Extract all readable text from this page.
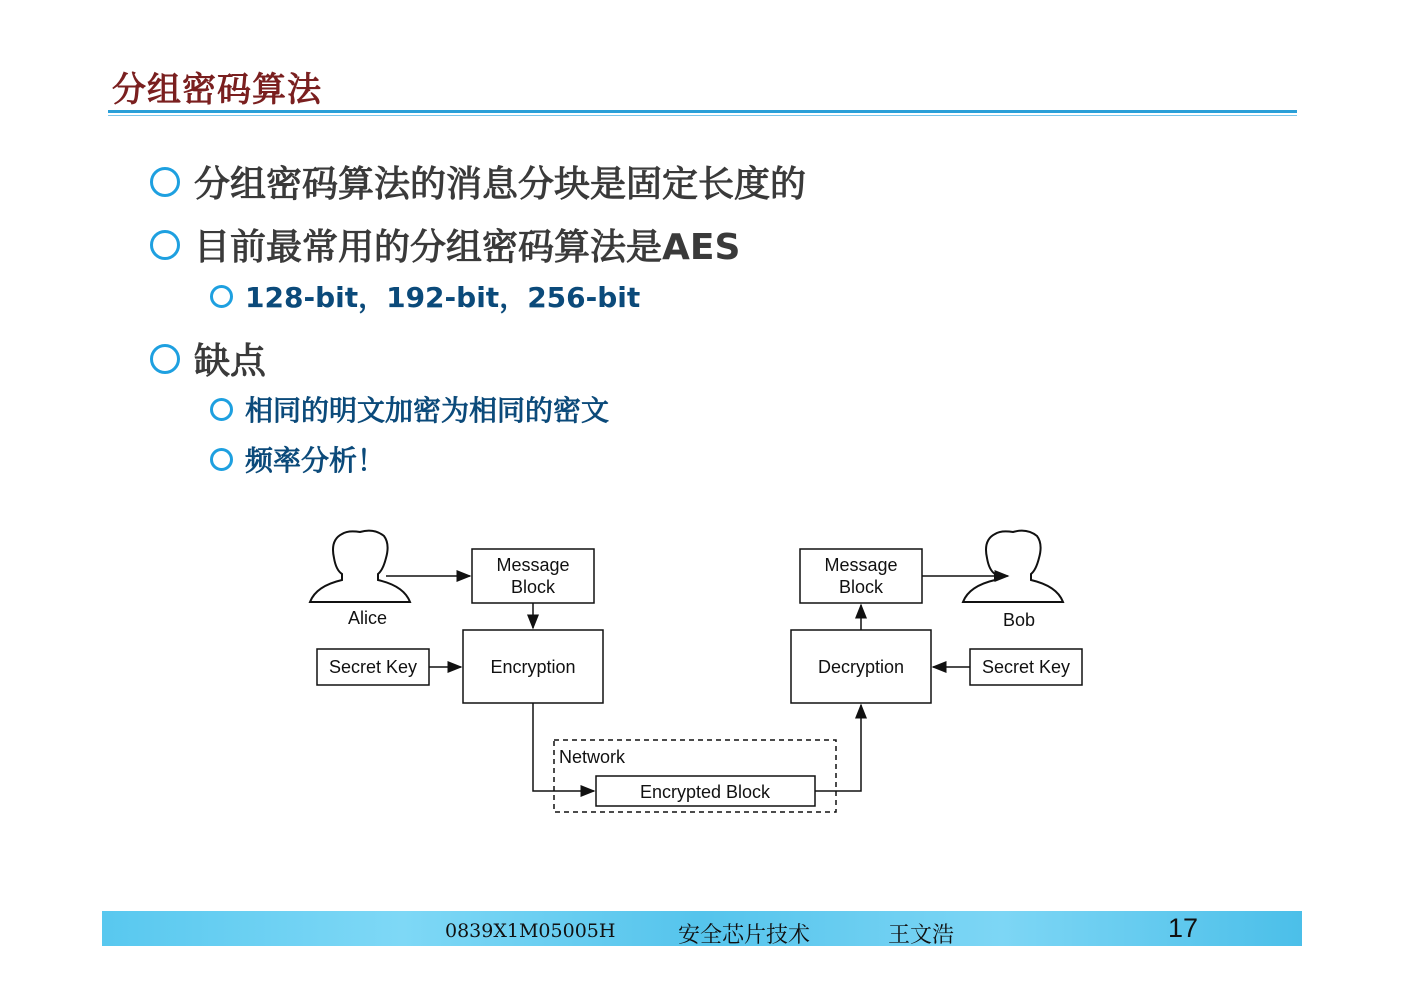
分组密码算法
分组密码算法的消息分块是固定长度的
目前最常用的分组密码算法是AES
128-bit，192-bit，256-bit
缺点
相同的明文加密为相同的密文
频率分析！
Alice	Bob
Message
Block
Message
Block
Encryption	Decryption
Secret Key	Secret Key
Network
Encrypted Block
0839X1M05005H	安全芯片技术	王文浩	17
